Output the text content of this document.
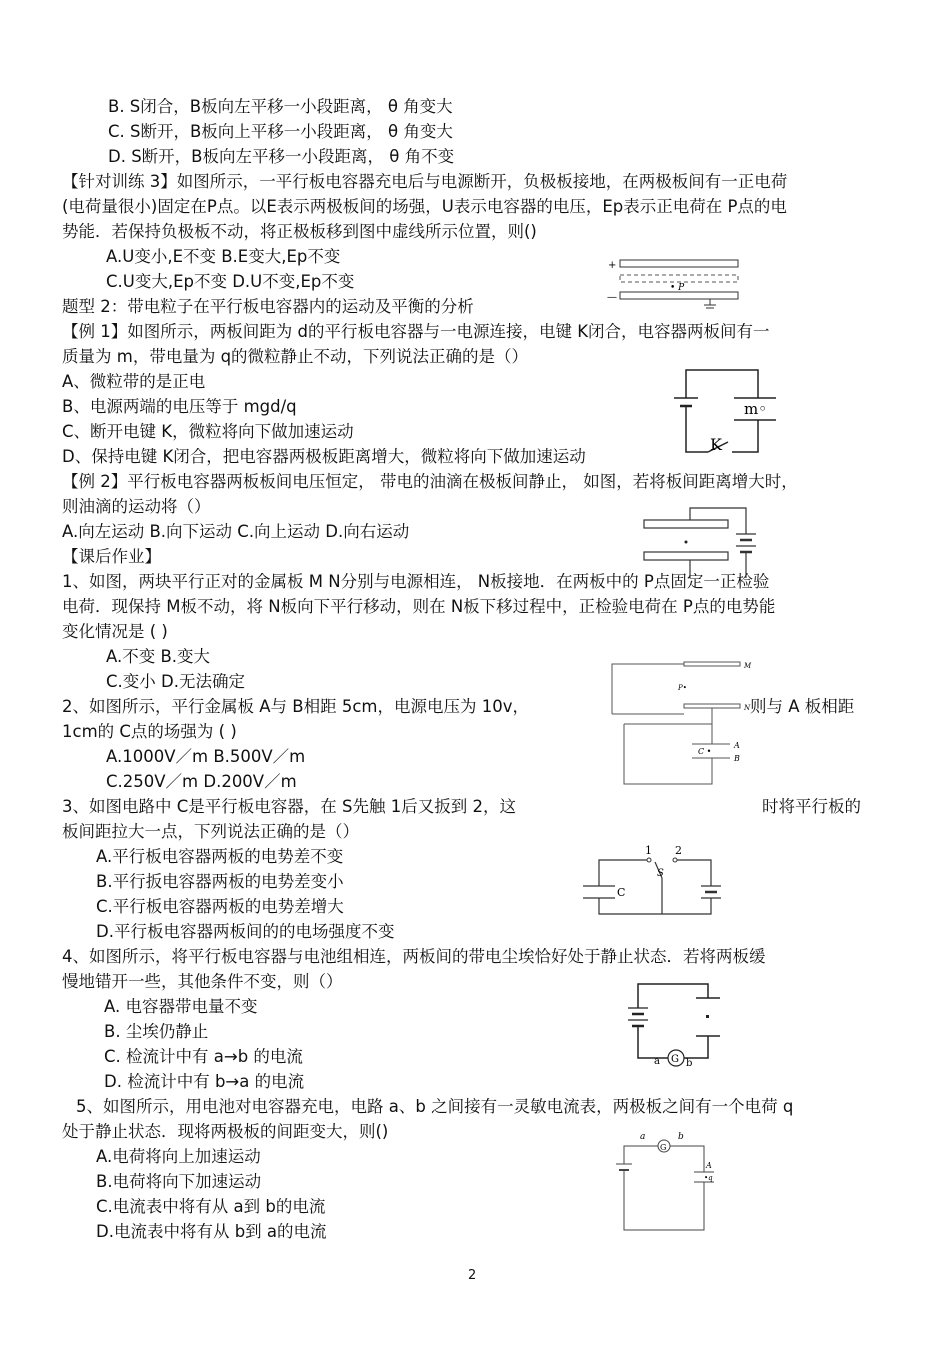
B. S闭合，B板向左平移一小段距离， θ 角变大
C. S断开，B板向上平移一小段距离， θ 角变大
D. S断开，B板向左平移一小段距离， θ 角不变
【针对训练 3】如图所示，一平行板电容器充电后与电源断开，负极板接地，在两极板间有一正电荷
(电荷量很小)固定在P点。以E表示两极板间的场强，U表示电容器的电压，Ep表示正电荷在 P点的电
势能．若保持负极板不动，将正极板移到图中虚线所示位置，则()
A.U变小,E不变 B.E变大,Ep不变
C.U变大,Ep不变 D.U不变,Ep不变
题型 2：带电粒子在平行板电容器内的运动及平衡的分析
【例 1】如图所示，两板间距为 d的平行板电容器与一电源连接，电键 K闭合，电容器两板间有一
质量为 m，带电量为 q的微粒静止不动，下列说法正确的是（）
A、微粒带的是正电
B、电源两端的电压等于 mgd/q
C、断开电键 K，微粒将向下做加速运动
D、保持电键 K闭合，把电容器两极板距离增大，微粒将向下做加速运动
【例 2】平行板电容器两板板间电压恒定， 带电的油滴在极板间静止， 如图，若将板间距离增大时，
则油滴的运动将（）
A.向左运动 B.向下运动 C.向上运动 D.向右运动
【课后作业】
1、如图，两块平行正对的金属板 M N分别与电源相连， N板接地．在两板中的 P点固定一正检验
电荷．现保持 M板不动，将 N板向下平行移动，则在 N板下移过程中，正检验电荷在 P点的电势能
变化情况是 ( )
A.不变 B.变大
C.变小 D.无法确定
2、如图所示，平行金属板 A与 B相距 5cm，电源电压为 10v，	则与 A 板相距
1cm的 C点的场强为 ( )
A.1000V／m B.500V／m
C.250V／m D.200V／m
3、如图电路中 C是平行板电容器，在 S先触 1后又扳到 2，这	时将平行板的
板间距拉大一点，下列说法正确的是（）
A.平行板电容器两板的电势差不变
B.平行扳电容器两板的电势差变小
C.平行板电容器两板的电势差增大
D.平行板电容器两板间的的电场强度不变
4、如图所示，将平行板电容器与电池组相连，两板间的带电尘埃恰好处于静止状态．若将两板缓
慢地错开一些，其他条件不变，则（）
A. 电容器带电量不变
B. 尘埃仍静止
C. 检流计中有 a→b 的电流
D. 检流计中有 b→a 的电流
5、如图所示，用电池对电容器充电，电路 a、b 之间接有一灵敏电流表，两极板之间有一个电荷 q
处于静止状态．现将两极板的间距变大，则()
A.电荷将向上加速运动
B.电荷将向下加速运动
C.电流表中将有从 a到 b的电流
D.电流表中将有从 b到 a的电流
+
—
• P
m◦
K
M
P•
N
C •
A
B
1 2
S
C
G
a	b
a	b
G
A
•q
2
